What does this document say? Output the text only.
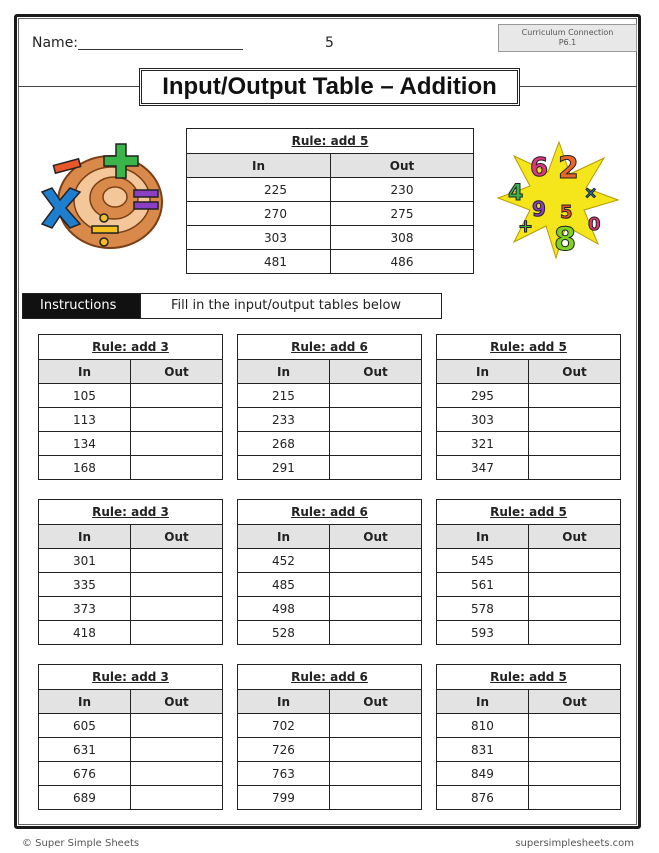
Name:	5
Curriculum Connection
P6.1
Input/Output Table – Addition
Rule: add 5	
In	Out
225	230
270	275
303	308
481	486
6 2
4	×
9 5
+ 8 0
Instructions	Fill in the input/output tables below
Rule: add 3	
In	Out
105	
113	
134	
168	
Rule: add 6	
In	Out
215	
233	
268	
291	
Rule: add 5	
In	Out
295	
303	
321	
347	
Rule: add 3	
In	Out
301	
335	
373	
418	
Rule: add 6	
In	Out
452	
485	
498	
528	
Rule: add 5	
In	Out
545	
561	
578	
593	
Rule: add 3	
In	Out
605	
631	
676	
689	
Rule: add 6	
In	Out
702	
726	
763	
799	
Rule: add 5	
In	Out
810	
831	
849	
876	
© Super Simple Sheets	supersimplesheets.com
